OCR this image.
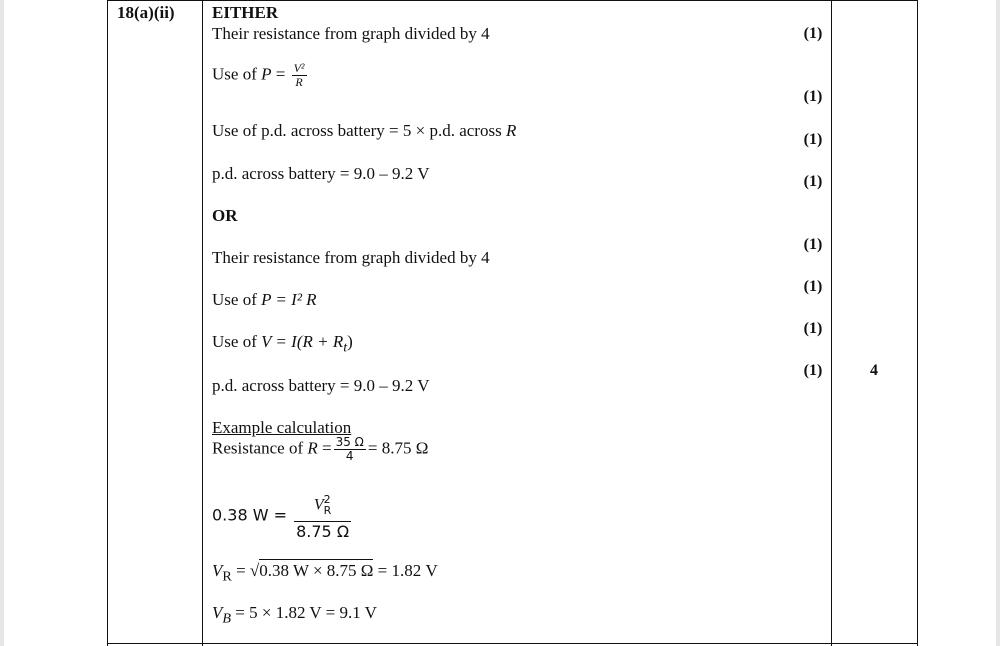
18(a)(ii) EITHER
Their resistance from graph divided by 4
Use of $P = \frac{\text{V²}}{R}$
Use of p.d. across battery = 5 × p.d. across R
p.d. across battery = 9.0 – 9.2 V
OR
Their resistance from graph divided by 4
Use of P = I² R
Use of $V = I(R + R_t)$
p.d. across battery = 9.0 – 9.2 V
(1)
(1)
(1)
(1)
(1)
(1)
(1)
(1)	4
Example calculation
Resistance of $R = \frac{35 \Omega}{4} = 8.75$ Ω
0.38 $W = \frac{V^2_R}{8.75 \Omega}$
$V_R = √0.38$ W × 8.75 Ω = 1.82 V
$V_B = 5 \times 1.82$ V = 9.1 V
